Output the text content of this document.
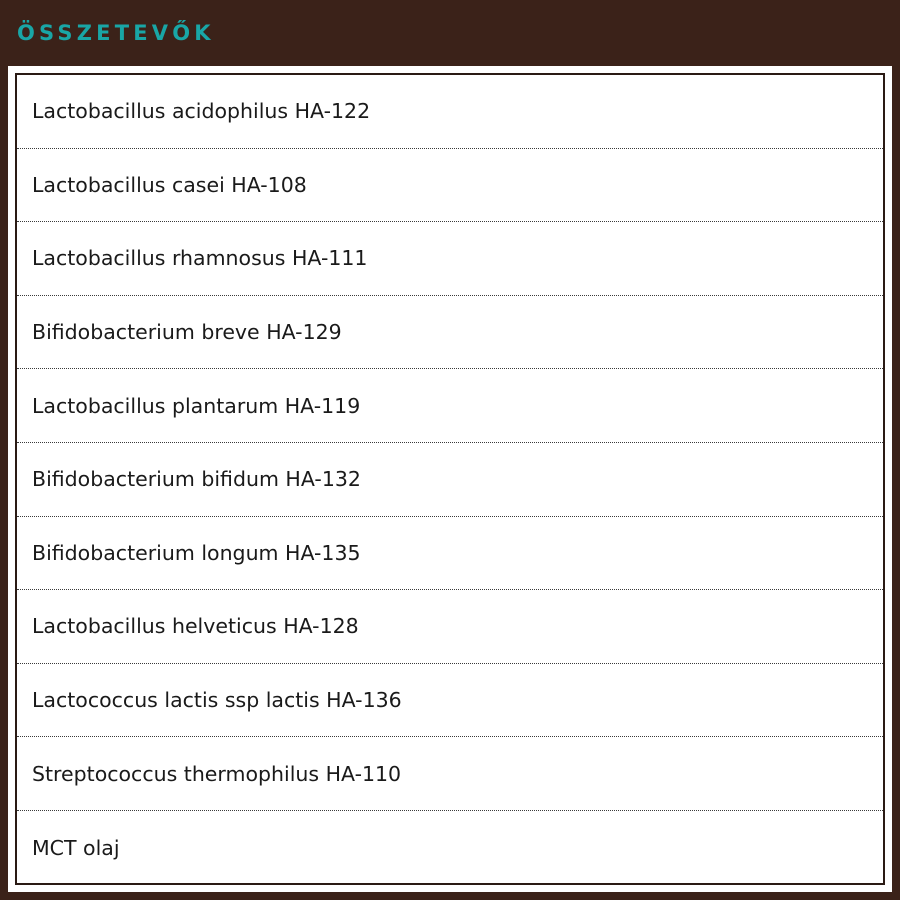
ÖSSZETEVŐK
Lactobacillus acidophilus HA-122
Lactobacillus casei HA-108
Lactobacillus rhamnosus HA-111
Bifidobacterium breve HA-129
Lactobacillus plantarum HA-119
Bifidobacterium bifidum HA-132
Bifidobacterium longum HA-135
Lactobacillus helveticus HA-128
Lactococcus lactis ssp lactis HA-136
Streptococcus thermophilus HA-110
MCT olaj
